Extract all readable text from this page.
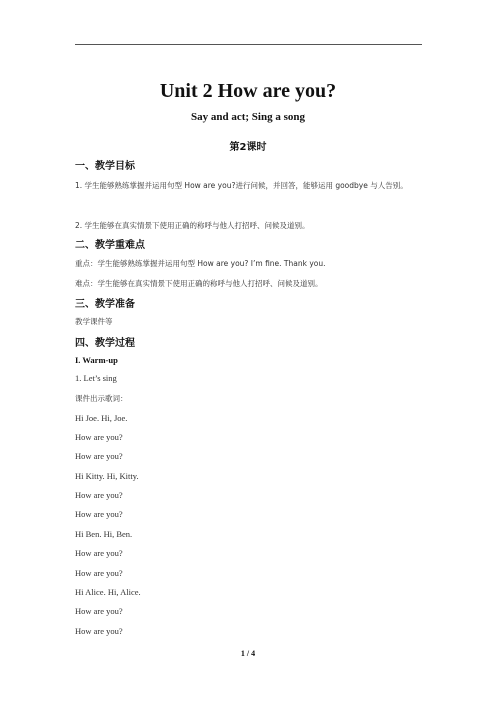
Unit 2 How are you?
Say and act; Sing a song
第2课时
一、教学目标
1. 学生能够熟练掌握并运用句型 How are you?进行问候，并回答，能够运用 goodbye 与人告别。
2. 学生能够在真实情景下使用正确的称呼与他人打招呼、问候及道别。
二、教学重难点
重点：学生能够熟练掌握并运用句型 How are you? I’m fine. Thank you.
难点：学生能够在真实情景下使用正确的称呼与他人打招呼、问候及道别。
三、教学准备
教学课件等
四、教学过程
I. Warm-up
1. Let’s sing
课件出示歌词：
Hi Joe. Hi, Joe.
How are you?
How are you?
Hi Kitty. Hi, Kitty.
How are you?
How are you?
Hi Ben. Hi, Ben.
How are you?
How are you?
Hi Alice. Hi, Alice.
How are you?
How are you?
1 / 4
